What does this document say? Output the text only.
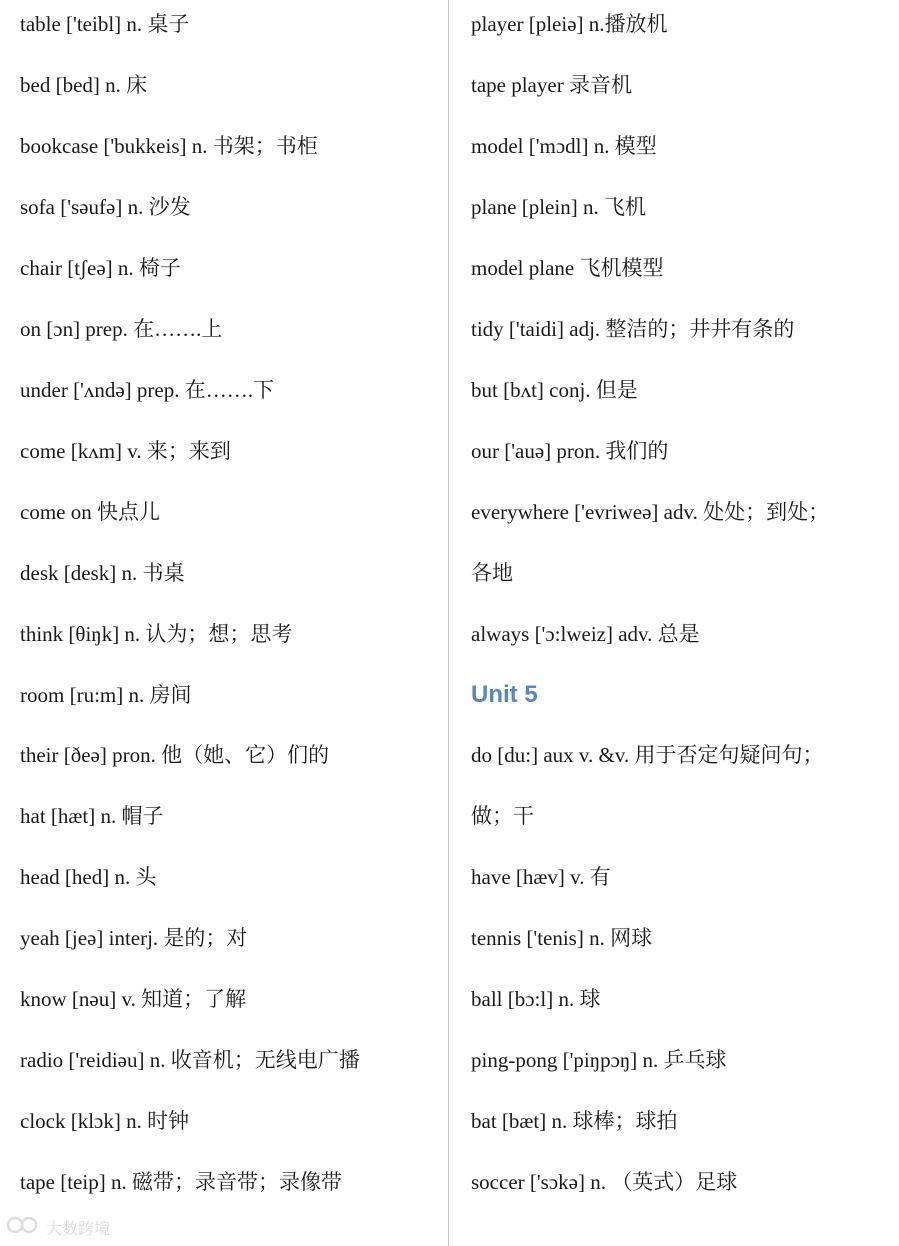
table ['teibl] n. 桌子
bed [bed] n. 床
bookcase ['bukkeis] n. 书架；书柜
sofa ['səufə] n. 沙发
chair [tʃeə] n. 椅子
on [ɔn] prep. 在…….上
under ['ʌndə] prep. 在…….下
come [kʌm] v. 来；来到
come on 快点儿
desk [desk] n. 书桌
think [θiŋk] n. 认为；想；思考
room [ru:m] n. 房间
their [ðeə] pron. 他（她、它）们的
hat [hæt] n. 帽子
head [hed] n. 头
yeah [jeə] interj. 是的；对
know [nəu] v. 知道；了解
radio ['reidiəu] n. 收音机；无线电广播
clock [klɔk] n. 时钟
tape [teip] n. 磁带；录音带；录像带
player [pleiə] n.播放机
tape player 录音机
model ['mɔdl] n. 模型
plane [plein] n. 飞机
model plane 飞机模型
tidy ['taidi] adj. 整洁的；井井有条的
but [bʌt] conj. 但是
our ['auə] pron. 我们的
everywhere ['evriweə] adv. 处处；到处；
各地
always ['ɔ:lweiz] adv. 总是
Unit 5
do [du:] aux v. &v. 用于否定句疑问句；
做；干
have [hæv] v. 有
tennis ['tenis] n. 网球
ball [bɔ:l] n. 球
ping-pong ['piŋpɔŋ] n. 乒乓球
bat [bæt] n. 球棒；球拍
soccer ['sɔkə] n. （英式）足球
大数跨境
